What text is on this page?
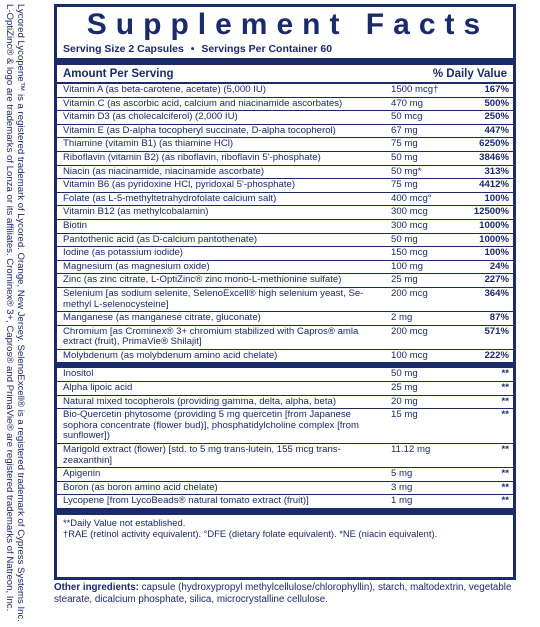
Lycored Lycopene™ is a registered trademark of Lycored. Orange, New Jersey. SelenoExcell® is a registered trademark of Cypress Systems Inc. L-OptiZinc® & logo are trademarks of Lonza or its affiliates. Crominex® 3+, Capros® and PrimaVie® are registered trademarks of Natreon, Inc.	Supplement Facts
Serving Size 2 Capsules • Servings Per Container 60
Amount Per Serving	% Daily Value
Vitamin A (as beta-carotene, acetate) (5,000 IU)	1500 mcg†	167%
Vitamin C (as ascorbic acid, calcium and niacinamide ascorbates)	470 mg	500%
Vitamin D3 (as cholecalciferol) (2,000 IU)	50 mcg	250%
Vitamin E (as D-alpha tocopheryl succinate, D-alpha tocopherol)	67 mg	447%
Thiamine (vitamin B1) (as thiamine HCl)	75 mg	6250%
Riboflavin (vitamin B2) (as riboflavin, riboflavin 5'-phosphate)	50 mg	3846%
Niacin (as niacinamide, niacinamide ascorbate)	50 mg*	313%
Vitamin B6 (as pyridoxine HCl, pyridoxal 5'-phosphate)	75 mg	4412%
Folate (as L-5-methyltetrahydrofolate calcium salt)	400 mcg°	100%
Vitamin B12 (as methylcobalamin)	300 mcg	12500%
Biotin	300 mcg	1000%
Pantothenic acid (as D-calcium pantothenate)	50 mg	1000%
Iodine (as potassium iodide)	150 mcg	100%
Magnesium (as magnesium oxide)	100 mg	24%
Zinc (as zinc citrate, L-OptiZinc® zinc mono-L-methionine sulfate)	25 mg	227%
Selenium [as sodium selenite, SelenoExcell® high selenium yeast, Se-methyl L-selenocysteine]
200 mcg	364%
Manganese (as manganese citrate, gluconate)	2 mg	87%
Chromium [as Crominex® 3+ chromium stabilized with Capros® amla extract (fruit), PrimaVie® Shilajit]
200 mcg	571%
Molybdenum (as molybdenum amino acid chelate)	100 mcg	222%
Inositol	50 mg	**
Alpha lipoic acid	25 mg	**
Natural mixed tocopherols (providing gamma, delta, alpha, beta)	20 mg	**
Bio-Quercetin phytosome (providing 5 mg quercetin [from Japanese sophora concentrate (flower bud)], phosphatidylcholine complex [from sunflower])
15 mg	**
Marigold extract (flower) [std. to 5 mg trans-lutein, 155 mcg trans-zeaxanthin]
11.12 mg	**
Apigenin	5 mg	**
Boron (as boron amino acid chelate)	3 mg	**
Lycopene [from LycoBeads® natural tomato extract (fruit)]	1 mg	**
**Daily Value not established.
†RAE (retinol activity equivalent). °DFE (dietary folate equivalent). *NE (niacin equivalent).
Other ingredients: capsule (hydroxypropyl methylcellulose/chlorophyllin), starch, maltodextrin, vegetable stearate, dicalcium phosphate, silica, microcrystalline cellulose.
